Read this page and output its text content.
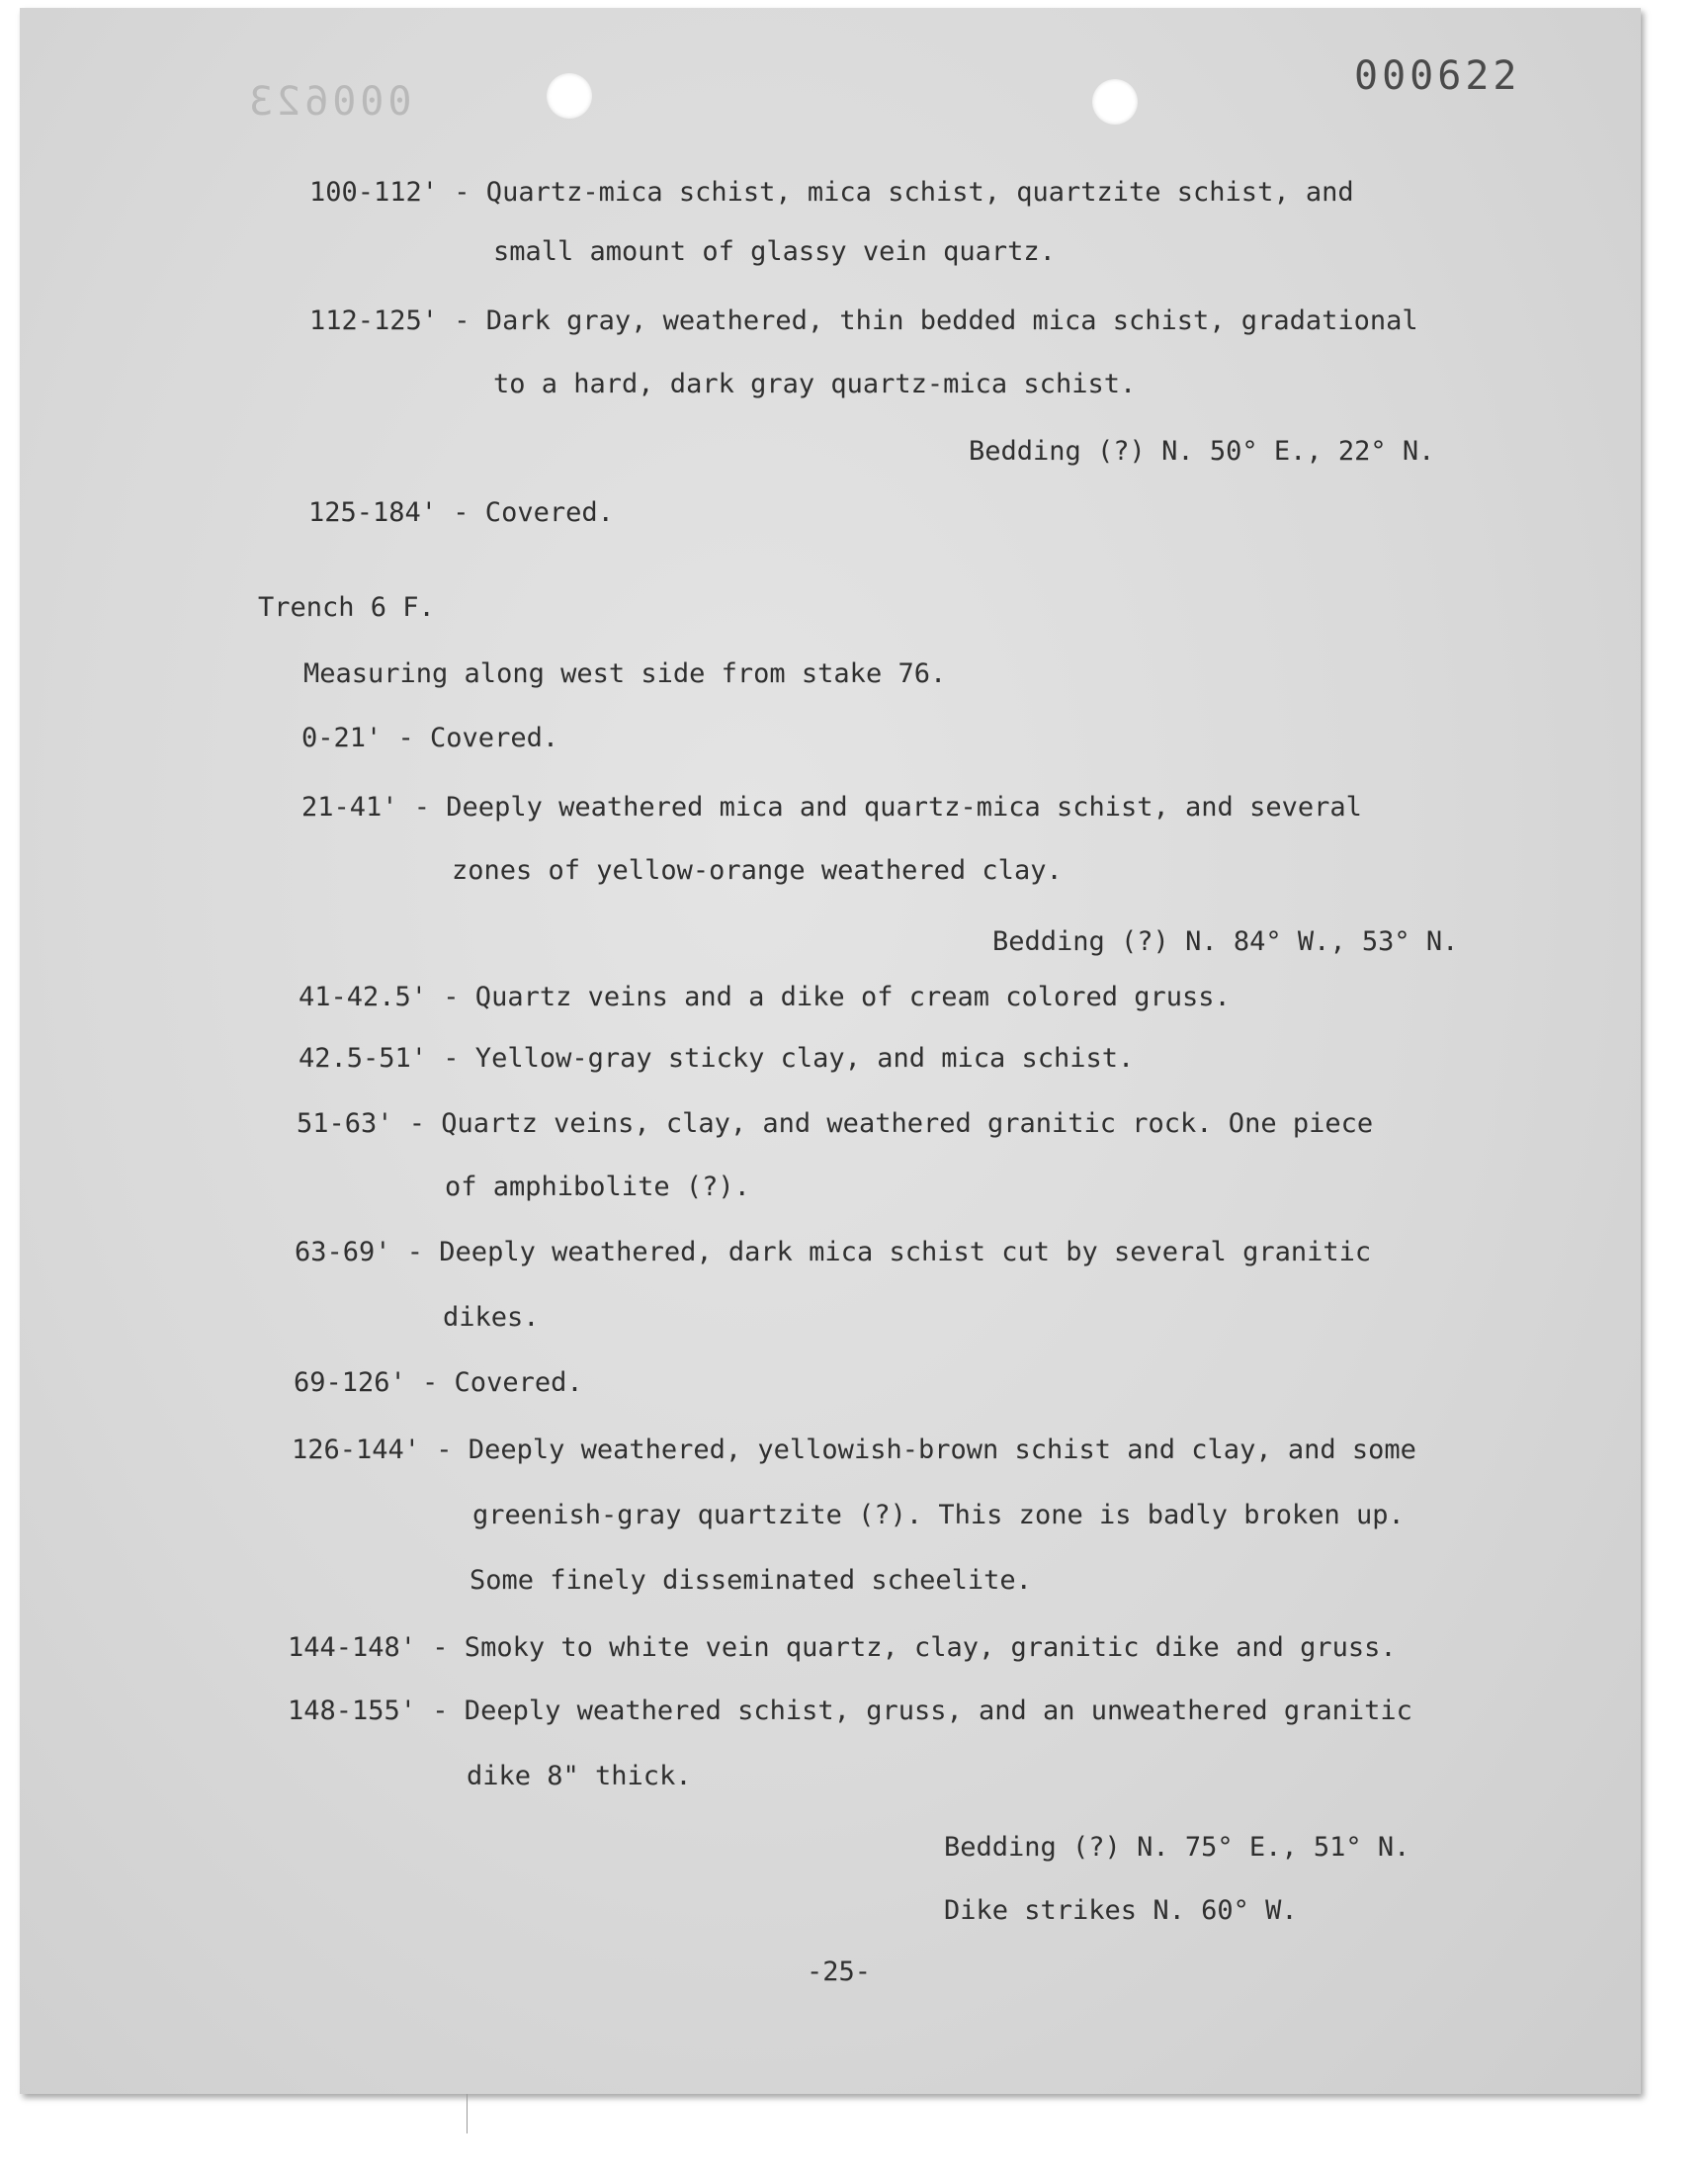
000623
000622
100-112' - Quartz-mica schist, mica schist, quartzite schist, and
small amount of glassy vein quartz.
112-125' - Dark gray, weathered, thin bedded mica schist, gradational
to a hard, dark gray quartz-mica schist.
Bedding (?) N. 50° E., 22° N.
125-184' - Covered.
Trench 6 F.
Measuring along west side from stake 76.
0-21' - Covered.
21-41' - Deeply weathered mica and quartz-mica schist, and several
zones of yellow-orange weathered clay.
Bedding (?) N. 84° W., 53° N.
41-42.5' - Quartz veins and a dike of cream colored gruss.
42.5-51' - Yellow-gray sticky clay, and mica schist.
51-63' - Quartz veins, clay, and weathered granitic rock. One piece
of amphibolite (?).
63-69' - Deeply weathered, dark mica schist cut by several granitic
dikes.
69-126' - Covered.
126-144' - Deeply weathered, yellowish-brown schist and clay, and some
greenish-gray quartzite (?). This zone is badly broken up.
Some finely disseminated scheelite.
144-148' - Smoky to white vein quartz, clay, granitic dike and gruss.
148-155' - Deeply weathered schist, gruss, and an unweathered granitic
dike 8" thick.
Bedding (?) N. 75° E., 51° N.
Dike strikes N. 60° W.
-25-
